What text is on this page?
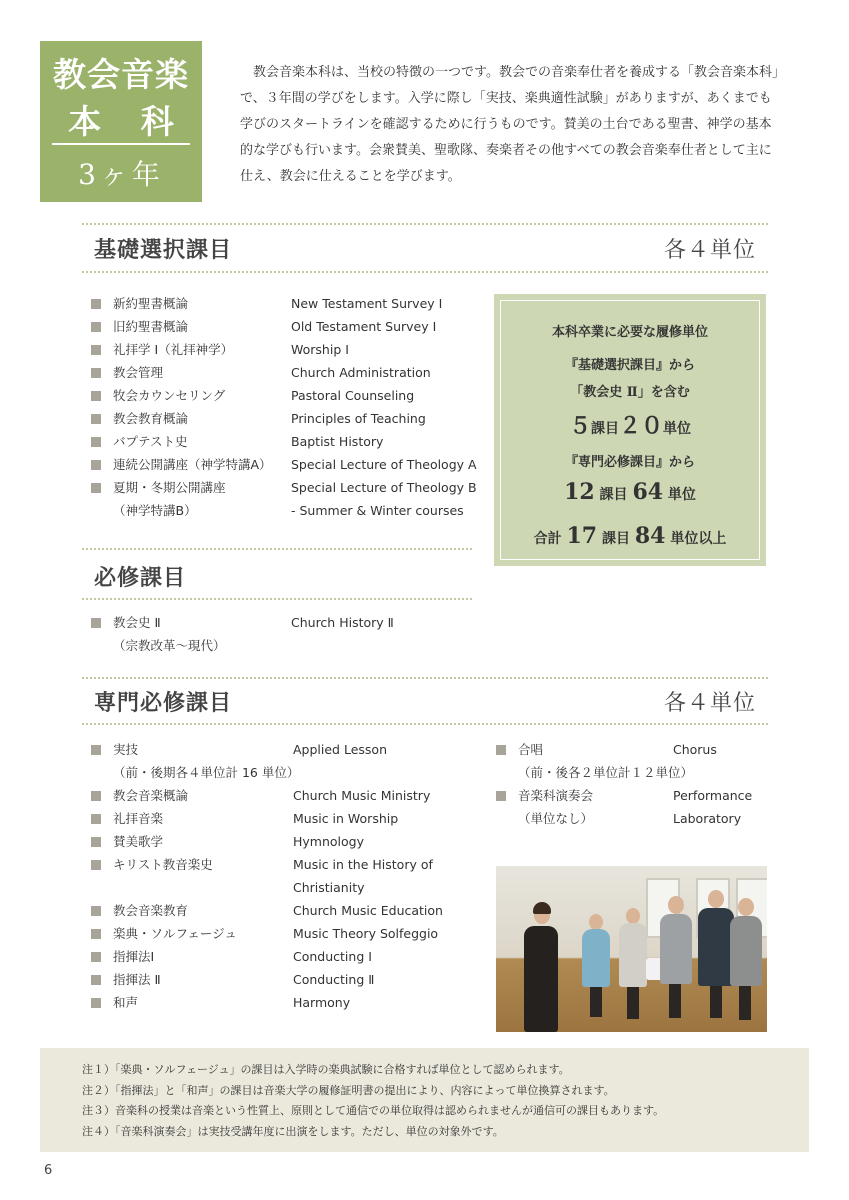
教会音楽
本 科
3ヶ年

教会音楽本科は、当校の特徴の一つです。教会での音楽奉仕者を養成する「教会音楽本科」で、３年間の学びをします。入学に際し「実技、楽典適性試験」がありますが、あくまでも学びのスタートラインを確認するために行うものです。賛美の土台である聖書、神学の基本的な学びも行います。会衆賛美、聖歌隊、奏楽者その他すべての教会音楽奉仕者として主に仕え、教会に仕えることを学びます。

基礎選択課目	各４単位
新約聖書概論	New Testament Survey Ⅰ
旧約聖書概論	Old Testament Survey Ⅰ
礼拝学 Ⅰ（礼拝神学）	Worship Ⅰ
教会管理	Church Administration
牧会カウンセリング	Pastoral Counseling
教会教育概論	Principles of Teaching
バプテスト史	Baptist History
連続公開講座（神学特講A） Special Lecture of Theology A
夏期・冬期公開講座	Special Lecture of Theology B
（神学特講B）	- Summer & Winter courses
必修課目
教会史 Ⅱ	Church History Ⅱ
（宗教改革～現代）
専門必修課目	各４単位
実技	Applied Lesson
（前・後期各４単位計 16 単位）
教会音楽概論	Church Music Ministry
礼拝音楽	Music in Worship
賛美歌学	Hymnology
キリスト教音楽史	Music in the History of
Christianity
教会音楽教育	Church Music Education
楽典・ソルフェージュ	Music Theory Solfeggio
指揮法Ⅰ	Conducting Ⅰ
指揮法 Ⅱ	Conducting Ⅱ
和声	Harmony
合唱	Chorus
（前・後各２単位計１２単位）
音楽科演奏会	Performance
（単位なし）	Laboratory
本科卒業に必要な履修単位
『基礎選択課目』から
「教会史 Ⅱ」を含む
５課目２０単位
『専門必修課目』から
12 課目 64 単位
合計 17 課目 84 単位以上
注１）「楽典・ソルフェージュ」の課目は入学時の楽典試験に合格すれば単位として認められます。
注２）「指揮法」と「和声」の課目は音楽大学の履修証明書の提出により、内容によって単位換算されます。
注３）音楽科の授業は音楽という性質上、原則として通信での単位取得は認められませんが通信可の課目もあります。
注４）「音楽科演奏会」は実技受講年度に出演をします。ただし、単位の対象外です。
6
